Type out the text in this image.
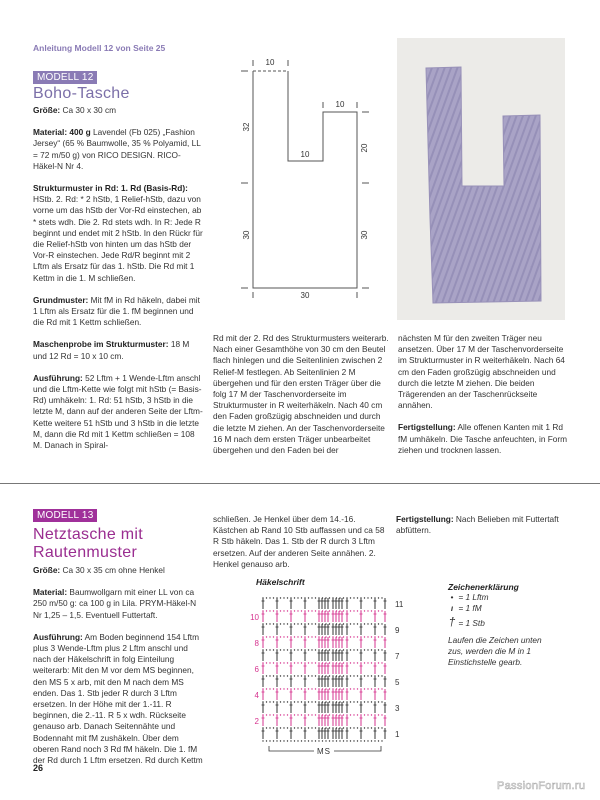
Anleitung Modell 12 von Seite 25
MODELL 12
Boho-Tasche

Größe: Ca 30 x 30 cm

Material: 400 g Lavendel (Fb 025) „Fashion Jersey“ (65 % Baumwolle, 35 % Polyamid, LL = 72 m/50 g) von RICO DESIGN. RICO-Häkel-N Nr 4.

Strukturmuster in Rd: 1. Rd (Basis-Rd): HStb. 2. Rd: * 2 hStb, 1 Relief-hStb, dazu von vorne um das hStb der Vor-Rd einstechen, ab * stets wdh. Die 2. Rd stets wdh. In R: Jede R beginnt und endet mit 2 hStb. In den Rückr für die Relief-hStb von hinten um das hStb der Vor-R einstechen. Jede Rd/R beginnt mit 2 Lftm als Ersatz für das 1. hStb. Die Rd mit 1 Kettm in die 1. M schließen.

Grundmuster: Mit fM in Rd häkeln, dabei mit 1 Lftm als Ersatz für die 1. fM beginnen und die Rd mit 1 Kettm schließen.

Maschenprobe im Strukturmuster: 18 M und 12 Rd = 10 x 10 cm.

Ausführung: 52 Lftm + 1 Wende-Lftm anschl und die Lftm-Kette wie folgt mit hStb (= Basis-Rd) umhäkeln: 1. Rd: 51 hStb, 3 hStb in die letzte M, dann auf der anderen Seite der Lftm-Kette weitere 51 hStb und 3 hStb in die letzte M, dann die Rd mit 1 Kettm schließen = 108 M. Danach in Spiral-

10
10
10
30
32
30
20
30

Rd mit der 2. Rd des Strukturmusters weiterarb. Nach einer Gesamthöhe von 30 cm den Beutel flach hinlegen und die Seitenlinien zwischen 2 Relief-M festlegen. Ab Seitenlinien 2 M übergehen und für den ersten Träger über die folg 17 M der Taschenvorderseite im Strukturmuster in R weiterhäkeln. Nach 40 cm den Faden großzügig abschneiden und durch die letzte M ziehen. An der Taschenvorderseite 16 M nach dem ersten Träger unbearbeitet übergehen und den Faden bei der

nächsten M für den zweiten Träger neu ansetzen. Über 17 M der Taschenvorderseite im Strukturmuster in R weiterhäkeln. Nach 64 cm den Faden großzügig abschneiden und durch die letzte M ziehen. Die beiden Trägerenden an der Taschenrückseite annähen.

Fertigstellung: Alle offenen Kanten mit 1 Rd fM umhäkeln. Die Tasche anfeuchten, in Form ziehen und trocknen lassen.

MODELL 13
Netztasche mit
Rautenmuster

Größe: Ca 30 x 35 cm ohne Henkel

Material: Baumwollgarn mit einer LL von ca 250 m/50 g: ca 100 g in Lila. PRYM-Häkel-N Nr 1,25 – 1,5. Eventuell Futtertaft.

Ausführung: Am Boden beginnend 154 Lftm plus 3 Wende-Lftm plus 2 Lftm anschl und nach der Häkelschrift in folg Einteilung weiterarb: Mit den M vor dem MS beginnen, den MS 5 x arb, mit den M nach dem MS enden. Das 1. Stb jeder R durch 3 Lftm ersetzen. In der Höhe mit der 1.-11. R beginnen, die 2.-11. R 5 x wdh. Rückseite genauso arb. Danach Seitennähte und Bodennaht mit fM zushäkeln. Über dem oberen Rand noch 3 Rd fM häkeln. Die 1. fM der Rd durch 1 Lftm ersetzen. Rd durch Kettm

schließen. Je Henkel über dem 14.-16. Kästchen ab Rand 10 Stb auffassen und ca 58 R Stb häkeln. Das 1. Stb der R durch 3 Lftm ersetzen. Auf der anderen Seite annähen. 2. Henkel genauso arb.

Fertigstellung: Nach Belieben mit Futtertaft abfüttern.

Häkelschrift
11
9
7
5
3
1
10
8
6
4
2
MS
Zeichenerklärung
• = 1 Lftm
ı = 1 fM
† = 1 Stb
Laufen die Zeichen unten zus, werden die M in 1 Einstichstelle gearb.
26
PassionForum.ru
